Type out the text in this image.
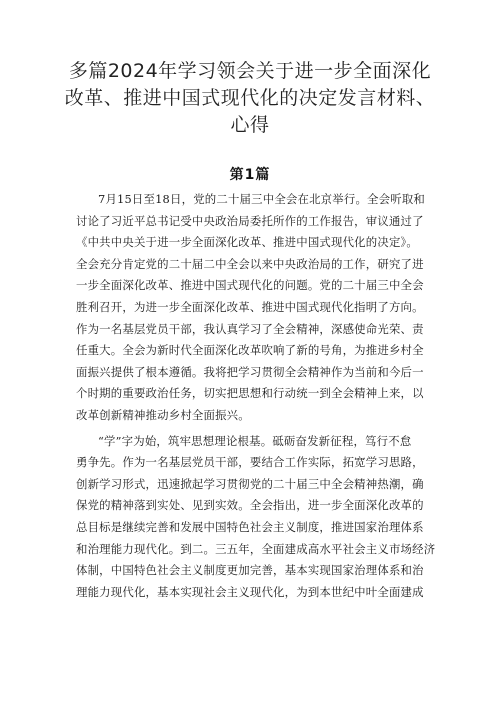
多篇2024年学习领会关于进一步全面深化
改革、推进中国式现代化的决定发言材料、
心得
第1篇
7月15日至18日，党的二十届三中全会在北京举行。全会听取和
讨论了习近平总书记受中央政治局委托所作的工作报告，审议通过了
《中共中央关于进一步全面深化改革、推进中国式现代化的决定》。
全会充分肯定党的二十届二中全会以来中央政治局的工作，研究了进
一步全面深化改革、推进中国式现代化的问题。党的二十届三中全会
胜利召开，为进一步全面深化改革、推进中国式现代化指明了方向。
作为一名基层党员干部，我认真学习了全会精神，深感使命光荣、责
任重大。全会为新时代全面深化改革吹响了新的号角，为推进乡村全
面振兴提供了根本遵循。我将把学习贯彻全会精神作为当前和今后一
个时期的重要政治任务，切实把思想和行动统一到全会精神上来，以
改革创新精神推动乡村全面振兴。
“学”字为始，筑牢思想理论根基。砥砺奋发新征程，笃行不怠
勇争先。作为一名基层党员干部，要结合工作实际，拓宽学习思路，
创新学习形式，迅速掀起学习贯彻党的二十届三中全会精神热潮，确
保党的精神落到实处、见到实效。全会指出，进一步全面深化改革的
总目标是继续完善和发展中国特色社会主义制度，推进国家治理体系
和治理能力现代化。到二。三五年，全面建成高水平社会主义市场经济
体制，中国特色社会主义制度更加完善，基本实现国家治理体系和治
理能力现代化，基本实现社会主义现代化，为到本世纪中叶全面建成
